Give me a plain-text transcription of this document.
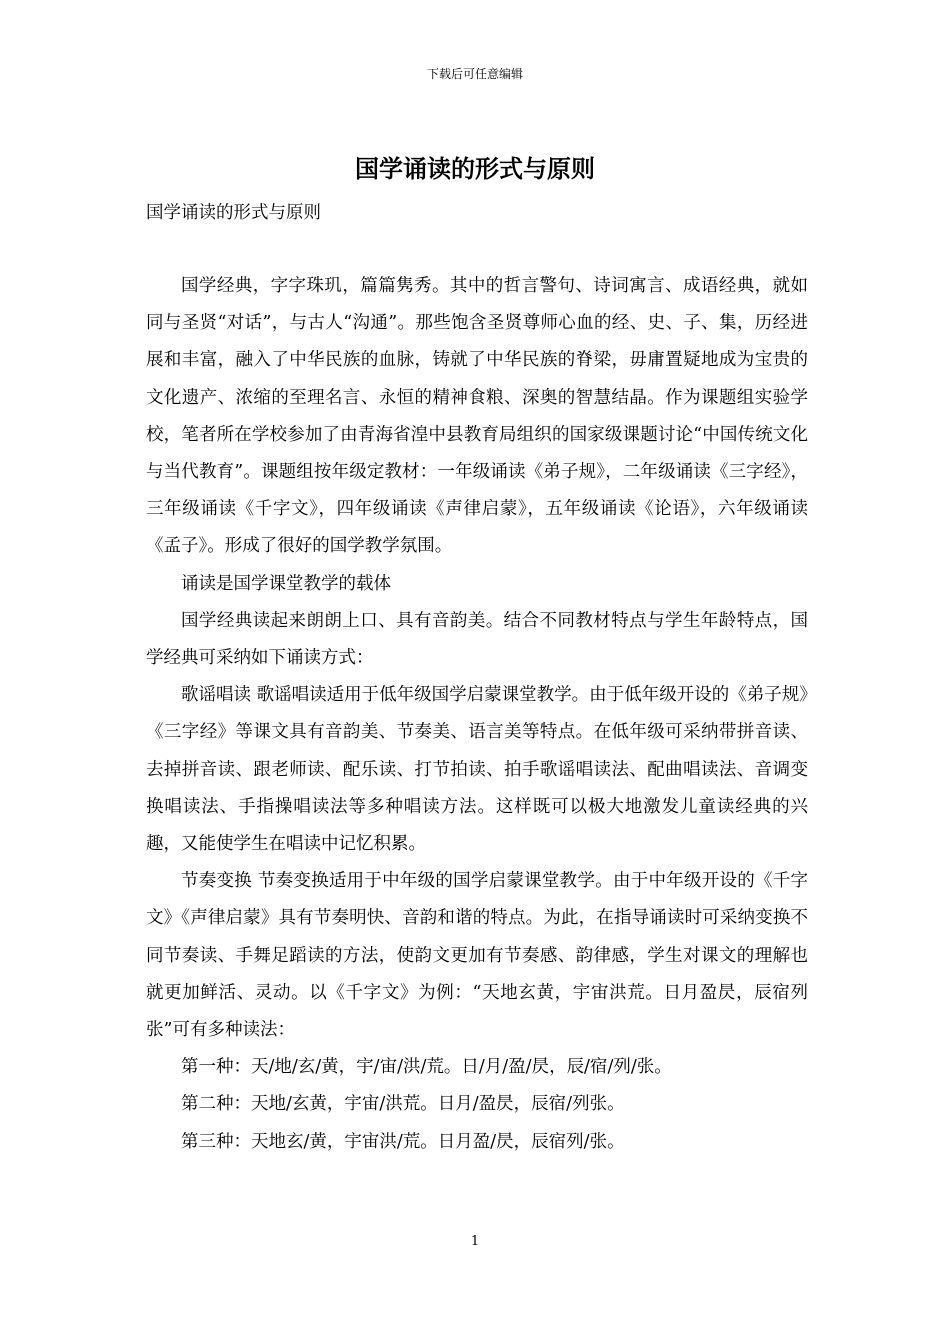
下载后可任意编辑
国学诵读的形式与原则
国学诵读的形式与原则

国学经典，字字珠玑，篇篇隽秀。其中的哲言警句、诗词寓言、成语经典，就如同与圣贤“对话”，与古人“沟通”。那些饱含圣贤尊师心血的经、史、子、集，历经进展和丰富，融入了中华民族的血脉，铸就了中华民族的脊梁，毋庸置疑地成为宝贵的文化遗产、浓缩的至理名言、永恒的精神食粮、深奥的智慧结晶。作为课题组实验学校，笔者所在学校参加了由青海省湟中县教育局组织的国家级课题讨论“中国传统文化与当代教育”。课题组按年级定教材：一年级诵读《弟子规》，二年级诵读《三字经》，三年级诵读《千字文》，四年级诵读《声律启蒙》，五年级诵读《论语》，六年级诵读《孟子》。形成了很好的国学教学氛围。

诵读是国学课堂教学的载体

国学经典读起来朗朗上口、具有音韵美。结合不同教材特点与学生年龄特点，国学经典可采纳如下诵读方式：

歌谣唱读 歌谣唱读适用于低年级国学启蒙课堂教学。由于低年级开设的《弟子规》《三字经》等课文具有音韵美、节奏美、语言美等特点。在低年级可采纳带拼音读、去掉拼音读、跟老师读、配乐读、打节拍读、拍手歌谣唱读法、配曲唱读法、音调变换唱读法、手指操唱读法等多种唱读方法。这样既可以极大地激发儿童读经典的兴趣，又能使学生在唱读中记忆积累。

节奏变换 节奏变换适用于中年级的国学启蒙课堂教学。由于中年级开设的《千字文》《声律启蒙》具有节奏明快、音韵和谐的特点。为此，在指导诵读时可采纳变换不同节奏读、手舞足蹈读的方法，使韵文更加有节奏感、韵律感，学生对课文的理解也就更加鲜活、灵动。以《千字文》为例：“天地玄黄，宇宙洪荒。日月盈昃，辰宿列张”可有多种读法：

第一种：天/地/玄/黄，宇/宙/洪/荒。日/月/盈/昃，辰/宿/列/张。

第二种：天地/玄黄，宇宙/洪荒。日月/盈昃，辰宿/列张。

第三种：天地玄/黄，宇宙洪/荒。日月盈/昃，辰宿列/张。

1
